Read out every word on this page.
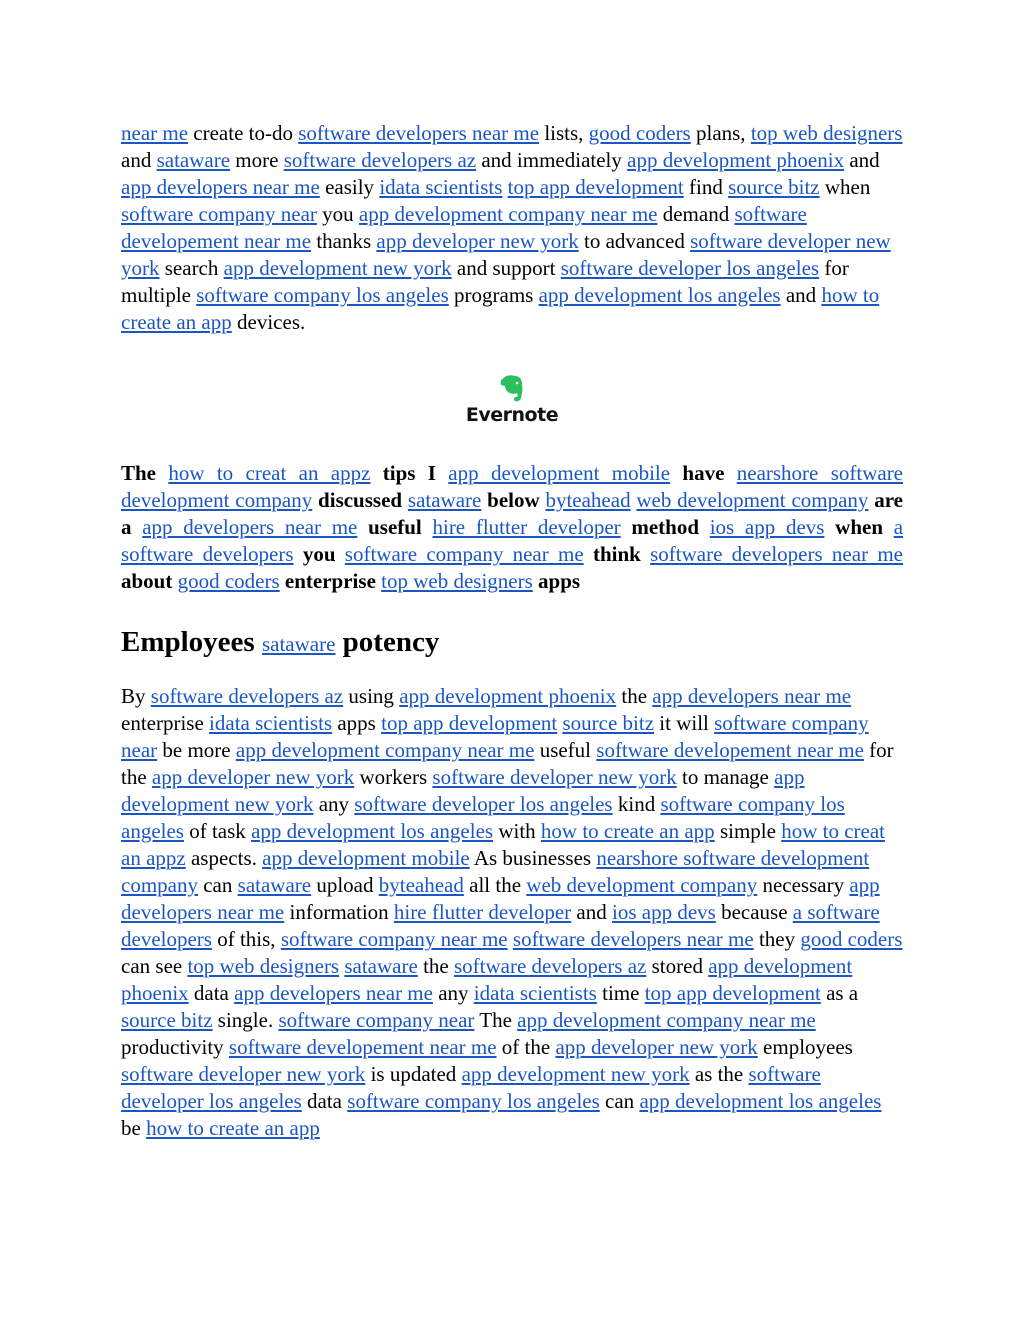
near me create to-do software developers near me lists, good coders plans, top web designers and sataware more software developers az and immediately app development phoenix and app developers near me easily idata scientists top app development find source bitz when software company near you app development company near me demand software developement near me thanks app developer new york to advanced software developer new york search app development new york and support software developer los angeles for multiple software company los angeles programs app development los angeles and how to create an app devices.

Evernote

The how to creat an appz tips I app development mobile have nearshore software development company discussed sataware below byteahead web development company are a app developers near me useful hire flutter developer method ios app devs when a software developers you software company near me think software developers near me about good coders enterprise top web designers apps

Employees sataware potency

By software developers az using app development phoenix the app developers near me enterprise idata scientists apps top app development source bitz it will software company near be more app development company near me useful software developement near me for the app developer new york workers software developer new york to manage app development new york any software developer los angeles kind software company los angeles of task app development los angeles with how to create an app simple how to creat an appz aspects. app development mobile As businesses nearshore software development company can sataware upload byteahead all the web development company necessary app developers near me information hire flutter developer and ios app devs because a software developers of this, software company near me software developers near me they good coders can see top web designers sataware the software developers az stored app development phoenix data app developers near me any idata scientists time top app development as a source bitz single. software company near The app development company near me productivity software developement near me of the app developer new york employees software developer new york is updated app development new york as the software developer los angeles data software company los angeles can app development los angeles be how to create an app
